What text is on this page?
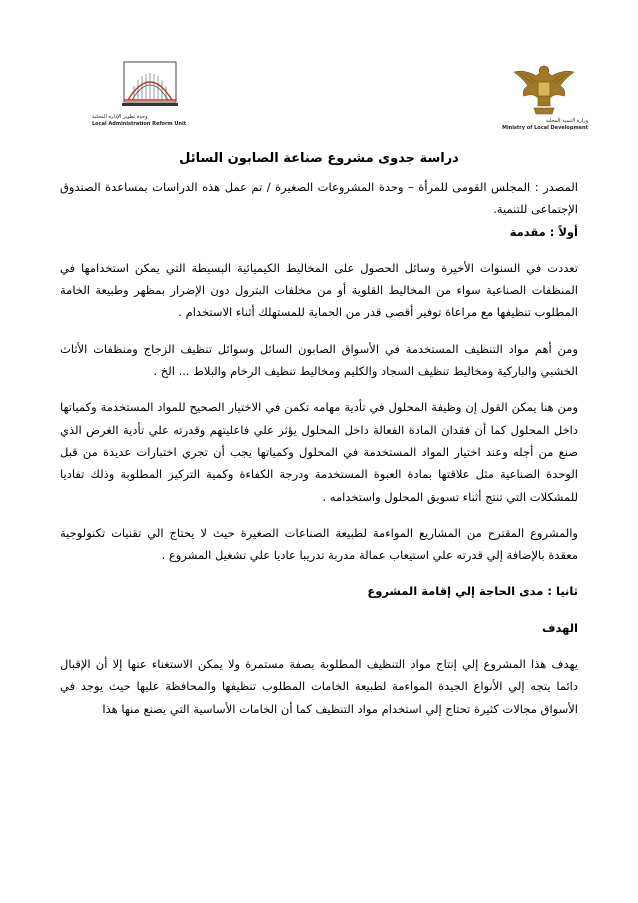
وحدة تطوير الإدارة المحلية
Local Administration Reform Unit	وزارة التنمية المحلية
Ministry of Local Development

دراسة جدوى مشروع صناعة الصابون السائل

المصدر : المجلس القومى للمرأة – وحدة المشروعات الصغيرة / تم عمل هذه الدراسات بمساعدة الصندوق الإجتماعى للتنمية.

أولاً : مقدمة

تعددت في السنوات الأخيرة وسائل الحصول على المخاليط الكيميائية البسيطة التي يمكن استخدامها في المنظفات الصناعية سواء من المخاليط القلوية أو من مخلفات البترول دون الإضرار بمظهر وطبيعة الخامة المطلوب تنظيفها مع مراعاة توفير أقصى قدر من الحماية للمستهلك أثناء الاستخدام .

ومن أهم مواد التنظيف المستخدمة في الأسواق الصابون السائل وسوائل تنظيف الزجاج ومنظفات الأثاث الخشبي والباركية ومخاليط تنظيف السجاد والكليم ومخاليط تنظيف الرخام والبلاط ... الخ .

ومن هنا يمكن القول إن وظيفة المحلول في تأدية مهامه تكمن في الاختيار الصحيح للمواد المستخدمة وكمياتها داخل المحلول كما أن فقدان المادة الفعالة داخل المحلول يؤثر علي فاعليتهم وقدرته علي تأدية الغرض الذي صنع من أجله وعند اختيار المواد المستخدمة في المحلول وكمياتها يجب أن تجري اختبارات عديدة من قبل الوحدة الصناعية مثل علاقتها بمادة العبوة المستخدمة ودرجة الكفاءة وكمية التركيز المطلوبة وذلك تفاديا للمشكلات التي تنتج أثناء تسويق المحلول واستخدامه .

والمشروع المقترح من المشاريع المواءمة لطبيعة الصناعات الصغيرة حيث لا يحتاج الي تقنيات تكنولوجية معقدة بالإضافة إلي قدرته علي استيعاب عمالة مدربة تدريبا عاديا علي تشغيل المشروع .

ثانيا : مدى الحاجة إلي إقامة المشروع

الهدف

يهدف هذا المشروع إلي إنتاج مواد التنظيف المطلوبة بصفة مستمرة ولا يمكن الاستغناء عنها إلا أن الإقبال دائما يتجه إلي الأنواع الجيدة المواءمة لطبيعة الخامات المطلوب تنظيفها والمحافظة عليها حيث يوجد في الأسواق مجالات كثيرة تحتاج إلي استخدام مواد التنظيف كما أن الخامات الأساسية التي يصنع منها هذا
